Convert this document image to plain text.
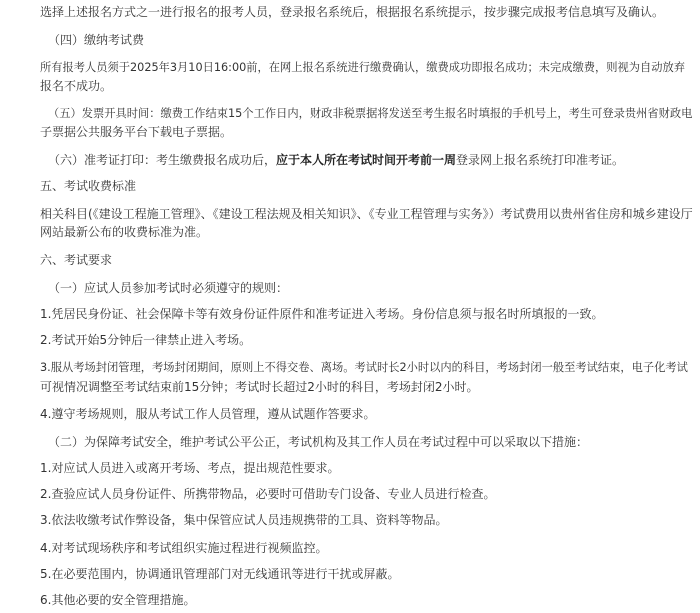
选择上述报名方式之一进行报名的报考人员，登录报名系统后，根据报名系统提示，按步骤完成报考信息填写及确认。

（四）缴纳考试费

所有报考人员须于2025年3月10日16:00前，在网上报名系统进行缴费确认，缴费成功即报名成功；未完成缴费，则视为自动放弃

报名不成功。

（五）发票开具时间：缴费工作结束15个工作日内，财政非税票据将发送至考生报名时填报的手机号上，考生可登录贵州省财政电

子票据公共服务平台下载电子票据。

（六）准考证打印：考生缴费报名成功后，应于本人所在考试时间开考前一周登录网上报名系统打印准考证。

五、考试收费标准

相关科目(《建设工程施工管理》、《建设工程法规及相关知识》、《专业工程管理与实务》）考试费用以贵州省住房和城乡建设厅

网站最新公布的收费标准为准。

六、考试要求

（一）应试人员参加考试时必须遵守的规则：

1.凭居民身份证、社会保障卡等有效身份证件原件和准考证进入考场。身份信息须与报名时所填报的一致。

2.考试开始5分钟后一律禁止进入考场。

3.服从考场封闭管理，考场封闭期间，原则上不得交卷、离场。考试时长2小时以内的科目，考场封闭一般至考试结束，电子化考试

可视情况调整至考试结束前15分钟；考试时长超过2小时的科目，考场封闭2小时。

4.遵守考场规则，服从考试工作人员管理，遵从试题作答要求。

（二）为保障考试安全，维护考试公平公正，考试机构及其工作人员在考试过程中可以采取以下措施：

1.对应试人员进入或离开考场、考点，提出规范性要求。

2.查验应试人员身份证件、所携带物品，必要时可借助专门设备、专业人员进行检查。

3.依法收缴考试作弊设备，集中保管应试人员违规携带的工具、资料等物品。

4.对考试现场秩序和考试组织实施过程进行视频监控。

5.在必要范围内，协调通讯管理部门对无线通讯等进行干扰或屏蔽。

6.其他必要的安全管理措施。
